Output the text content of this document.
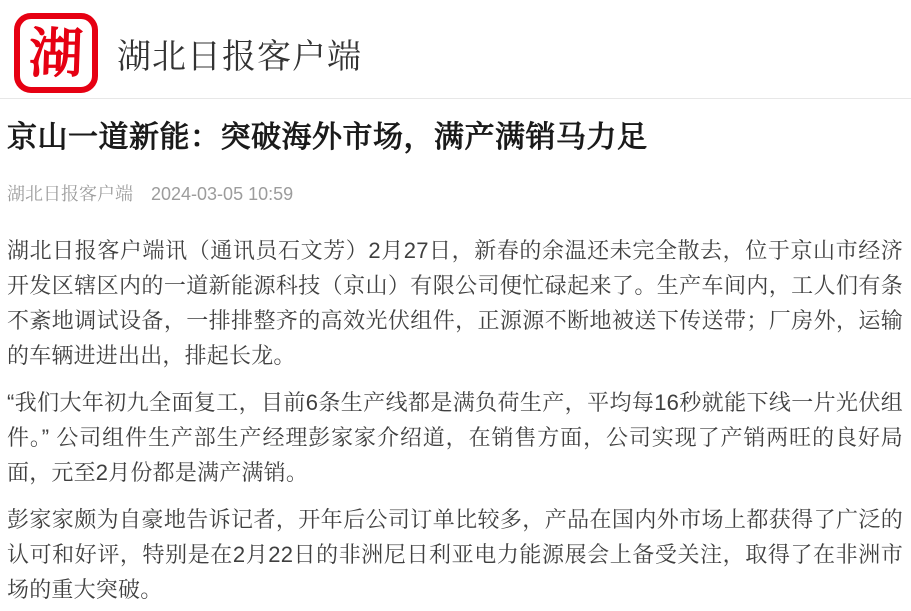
湖 湖北日报客户端
京山一道新能：突破海外市场，满产满销马力足
湖北日报客户端 2024-03-05 10:59

湖北日报客户端讯（通讯员石文芳）2月27日，新春的余温还未完全散去，位于京山市经济开发区辖区内的一道新能源科技（京山）有限公司便忙碌起来了。生产车间内，工人们有条不紊地调试设备，一排排整齐的高效光伏组件，正源源不断地被送下传送带；厂房外，运输的车辆进进出出，排起长龙。

“我们大年初九全面复工，目前6条生产线都是满负荷生产，平均每16秒就能下线一片光伏组件。” 公司组件生产部生产经理彭家家介绍道，在销售方面，公司实现了产销两旺的良好局面，元至2月份都是满产满销。

彭家家颇为自豪地告诉记者，开年后公司订单比较多，产品在国内外市场上都获得了广泛的认可和好评，特别是在2月22日的非洲尼日利亚电力能源展会上备受关注，取得了在非洲市场的重大突破。
